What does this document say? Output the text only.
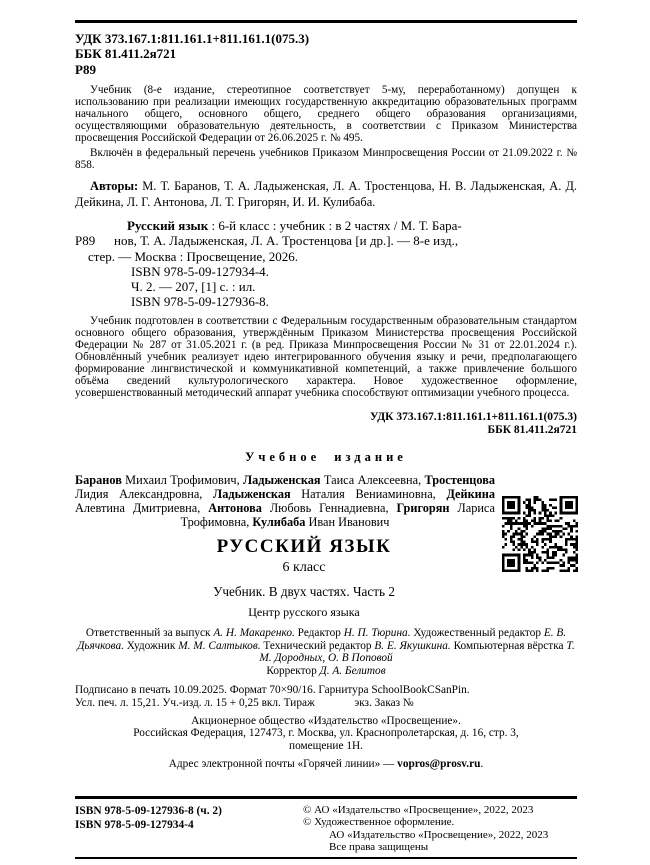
УДК 373.167.1:811.161.1+811.161.1(075.3)
ББК 81.411.2я721
Р89

Учебник (8-е издание, стереотипное соответствует 5-му, переработанному) допущен к использованию при реализации имеющих государственную аккредитацию образовательных программ начального общего, основного общего, среднего общего образования организациями, осуществляющими образовательную деятельность, в соответствии с Приказом Министерства просвещения Российской Федерации от 26.06.2025 г. № 495.

Включён в федеральный перечень учебников Приказом Минпросвещения России от 21.09.2022 г. № 858.

Авторы: М. Т. Баранов, Т. А. Ладыженская, Л. А. Тростенцова, Н. В. Ладыженская, А. Д. Дейкина, Л. Г. Антонова, Л. Т. Григорян, И. И. Кулибаба.

Русский язык : 6-й класс : учебник : в 2 частях / М. Т. Бара-
Р89 нов, Т. А. Ладыженская, Л. А. Тростенцова [и др.]. — 8-е изд.,
стер. — Москва : Просвещение, 2026.
ISBN 978-5-09-127934-4.
Ч. 2. — 207, [1] с. : ил.
ISBN 978-5-09-127936-8.

Учебник подготовлен в соответствии с Федеральным государственным образовательным стандартом основного общего образования, утверждённым Приказом Министерства просвещения Российской Федерации № 287 от 31.05.2021 г. (в ред. Приказа Минпросвещения России № 31 от 22.01.2024 г.). Обновлённый учебник реализует идею интегрированного обучения языку и речи, предполагающего формирование лингвистической и коммуникативной компетенций, а также привлечение большого объёма сведений культурологического характера. Новое художественное оформление, усовершенствованный методический аппарат учебника способствуют оптимизации учебного процесса.

УДК 373.167.1:811.161.1+811.161.1(075.3)
ББК 81.411.2я721
Учебное издание

Баранов Михаил Трофимович, Ладыженская Таиса Алексеевна, Тростенцова Лидия Александровна, Ладыженская Наталия Вениаминовна, Дейкина Алевтина Дмитриевна, Антонова Любовь Геннадиевна, Григорян Лариса Трофимовна, Кулибаба Иван Иванович

РУССКИЙ ЯЗЫК
6 класс
Учебник. В двух частях. Часть 2
Центр русского языка

Ответственный за выпуск А. Н. Макаренко. Редактор Н. П. Тюрина. Художественный редактор Е. В. Дьячкова. Художник М. М. Салтыков. Технический редактор В. Е. Якушкина. Компьютерная вёрстка Т. М. Дородных, О. В Поповой

Корректор Д. А. Белитов

Подписано в печать 10.09.2025. Формат 70×90/16. Гарнитура SchoolBookCSanPin.
Усл. печ. л. 15,21. Уч.-изд. л. 15 + 0,25 вкл. Тираж              экз. Заказ №
Акционерное общество «Издательство «Просвещение».
Российская Федерация, 127473, г. Москва, ул. Краснопролетарская, д. 16, стр. 3,
помещение 1Н.

Адрес электронной почты «Горячей линии» — vopros@prosv.ru.

ISBN 978-5-09-127936-8 (ч. 2)
ISBN 978-5-09-127934-4
© АО «Издательство «Просвещение», 2022, 2023
© Художественное оформление.
АО «Издательство «Просвещение», 2022, 2023
Все права защищены
